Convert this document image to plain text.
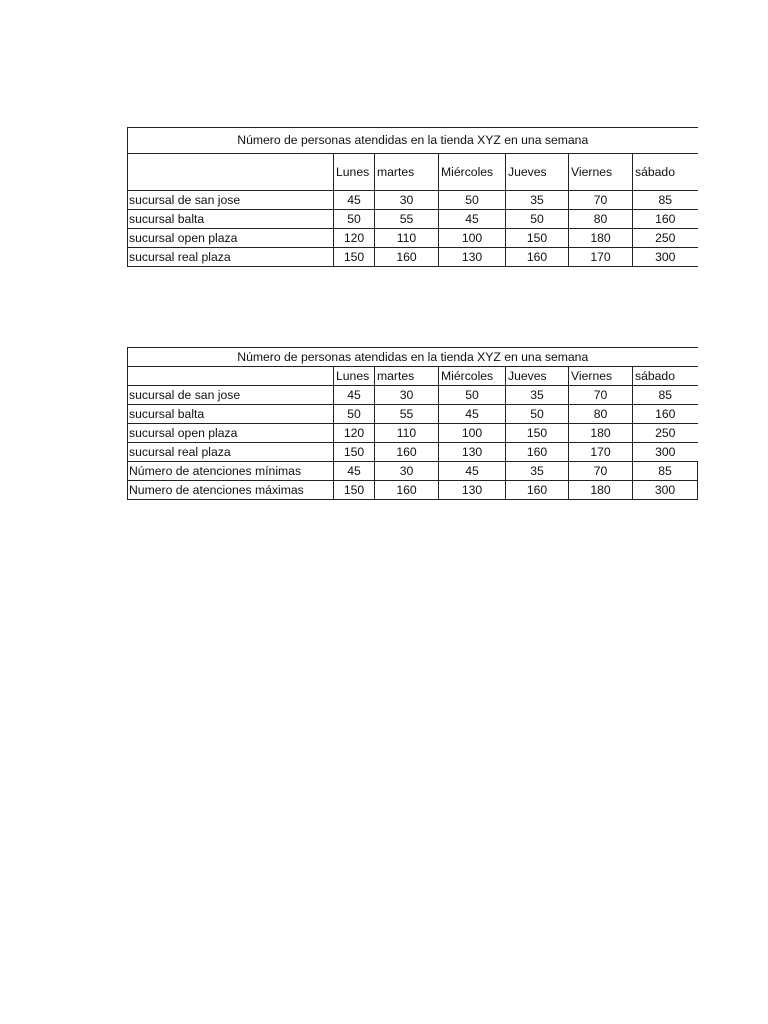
Número de personas atendidas en la tienda XYZ en una semana						
	Lunes	martes	Miércoles	Jueves	Viernes	sábado
sucursal de san jose	45	30	50	35	70	85
sucursal balta	50	55	45	50	80	160
sucursal open plaza	120	110	100	150	180	250
sucursal real plaza	150	160	130	160	170	300
Número de personas atendidas en la tienda XYZ en una semana						
	Lunes	martes	Miércoles	Jueves	Viernes	sábado
sucursal de san jose	45	30	50	35	70	85
sucursal balta	50	55	45	50	80	160
sucursal open plaza	120	110	100	150	180	250
sucursal real plaza	150	160	130	160	170	300
Número de atenciones mínimas	45	30	45	35	70	85
Numero de atenciones máximas	150	160	130	160	180	300
